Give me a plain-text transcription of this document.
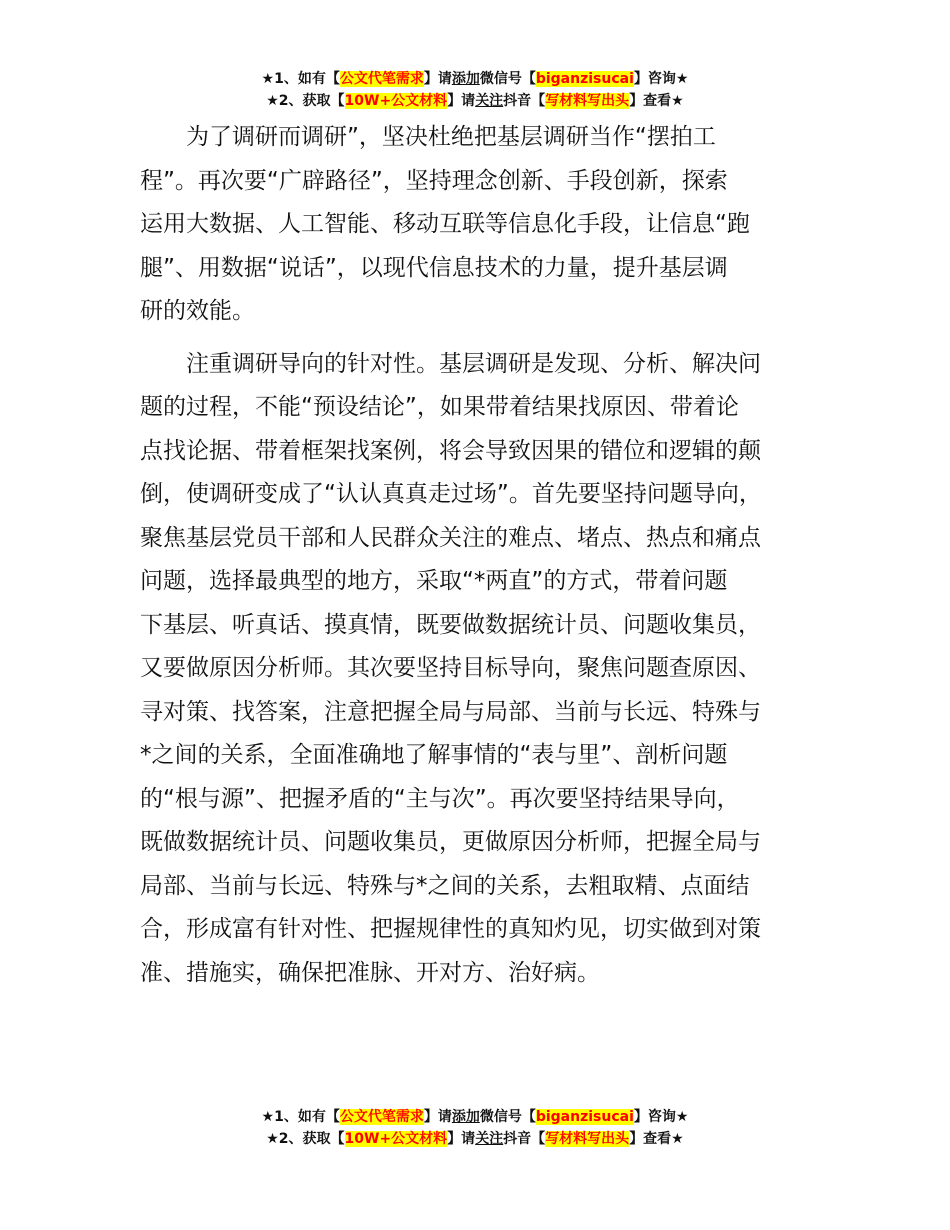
★1、如有【公文代笔需求】请添加微信号【biganzisucai】咨询★
★2、获取【10W+公文材料】请关注抖音【写材料写出头】查看★
为了调研而调研”，坚决杜绝把基层调研当作“摆拍工
程”。再次要“广辟路径”，坚持理念创新、手段创新，探索
运用大数据、人工智能、移动互联等信息化手段，让信息“跑
腿”、用数据“说话”，以现代信息技术的力量，提升基层调
研的效能。
注重调研导向的针对性。基层调研是发现、分析、解决问
题的过程，不能“预设结论”，如果带着结果找原因、带着论
点找论据、带着框架找案例，将会导致因果的错位和逻辑的颠
倒，使调研变成了“认认真真走过场”。首先要坚持问题导向，
聚焦基层党员干部和人民群众关注的难点、堵点、热点和痛点
问题，选择最典型的地方，采取“*两直”的方式，带着问题
下基层、听真话、摸真情，既要做数据统计员、问题收集员，
又要做原因分析师。其次要坚持目标导向，聚焦问题查原因、
寻对策、找答案，注意把握全局与局部、当前与长远、特殊与
*之间的关系，全面准确地了解事情的“表与里”、剖析问题
的“根与源”、把握矛盾的“主与次”。再次要坚持结果导向，
既做数据统计员、问题收集员，更做原因分析师，把握全局与
局部、当前与长远、特殊与*之间的关系，去粗取精、点面结
合，形成富有针对性、把握规律性的真知灼见，切实做到对策
准、措施实，确保把准脉、开对方、治好病。
★1、如有【公文代笔需求】请添加微信号【biganzisucai】咨询★
★2、获取【10W+公文材料】请关注抖音【写材料写出头】查看★
